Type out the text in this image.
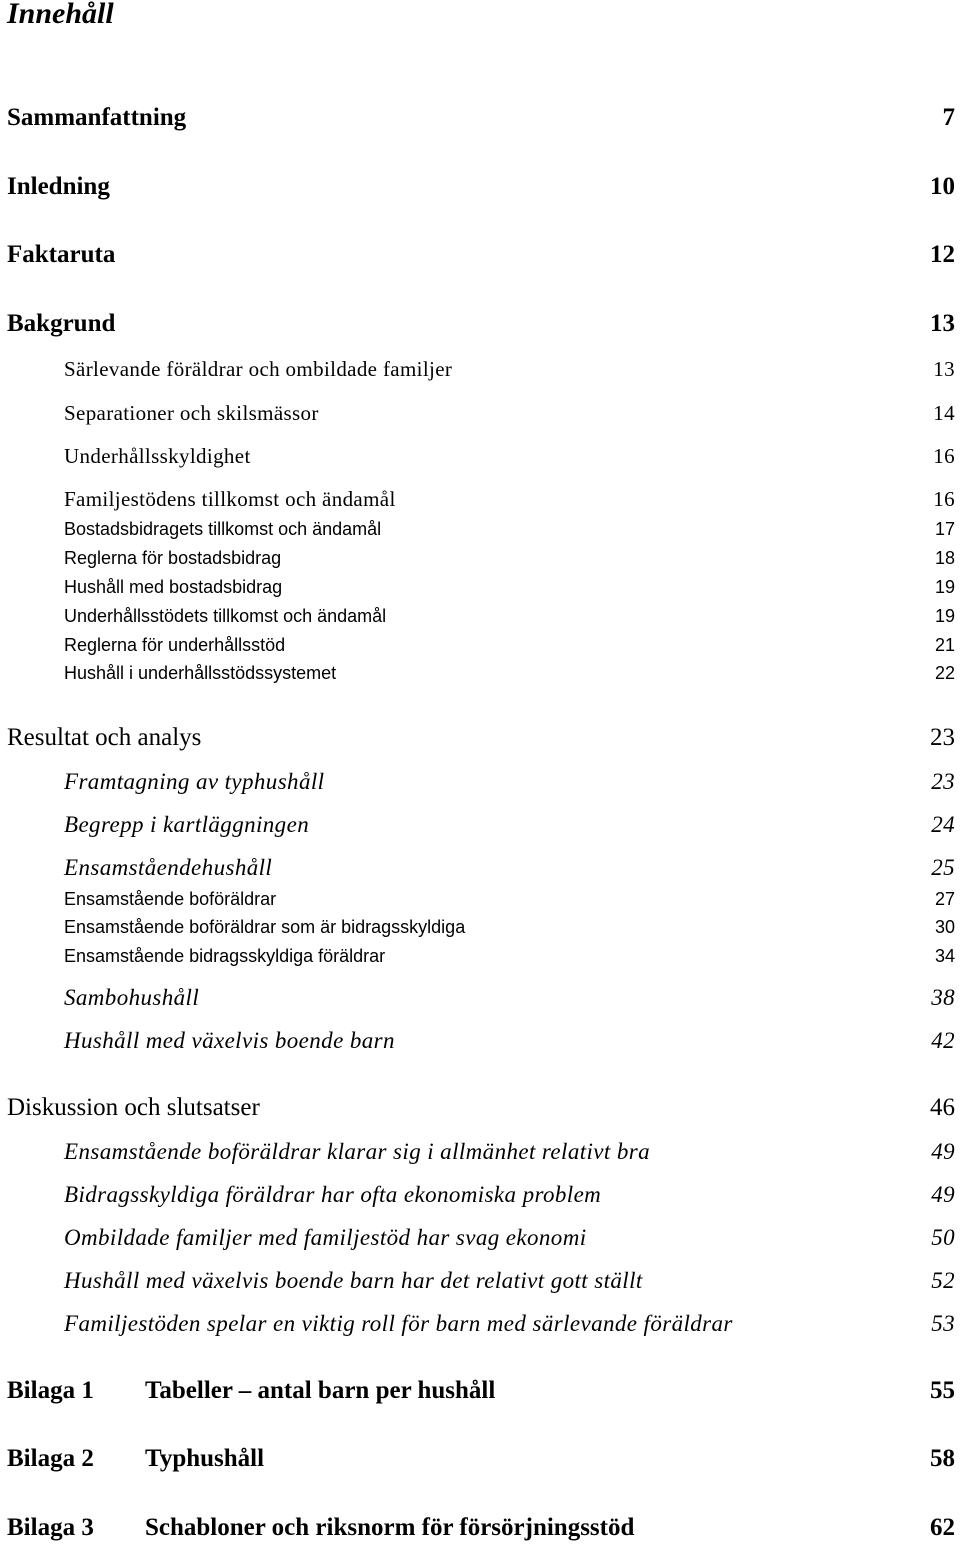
Innehåll
Sammanfattning	7
Inledning	10
Faktaruta	12
Bakgrund	13
Särlevande föräldrar och ombildade familjer	13
Separationer och skilsmässor	14
Underhållsskyldighet	16
Familjestödens tillkomst och ändamål	16
Bostadsbidragets tillkomst och ändamål	17
Reglerna för bostadsbidrag	18
Hushåll med bostadsbidrag	19
Underhållsstödets tillkomst och ändamål	19
Reglerna för underhållsstöd	21
Hushåll i underhållsstödssystemet	22
Resultat och analys	23
Framtagning av typhushåll	23
Begrepp i kartläggningen	24
Ensamståendehushåll	25
Ensamstående boföräldrar	27
Ensamstående boföräldrar som är bidragsskyldiga	30
Ensamstående bidragsskyldiga föräldrar	34
Sambohushåll	38
Hushåll med växelvis boende barn	42
Diskussion och slutsatser	46
Ensamstående boföräldrar klarar sig i allmänhet relativt bra	49
Bidragsskyldiga föräldrar har ofta ekonomiska problem	49
Ombildade familjer med familjestöd har svag ekonomi	50
Hushåll med växelvis boende barn har det relativt gott ställt	52
Familjestöden spelar en viktig roll för barn med särlevande föräldrar	53
Bilaga 1	Tabeller – antal barn per hushåll	55
Bilaga 2	Typhushåll	58
Bilaga 3	Schabloner och riksnorm för försörjningsstöd	62
